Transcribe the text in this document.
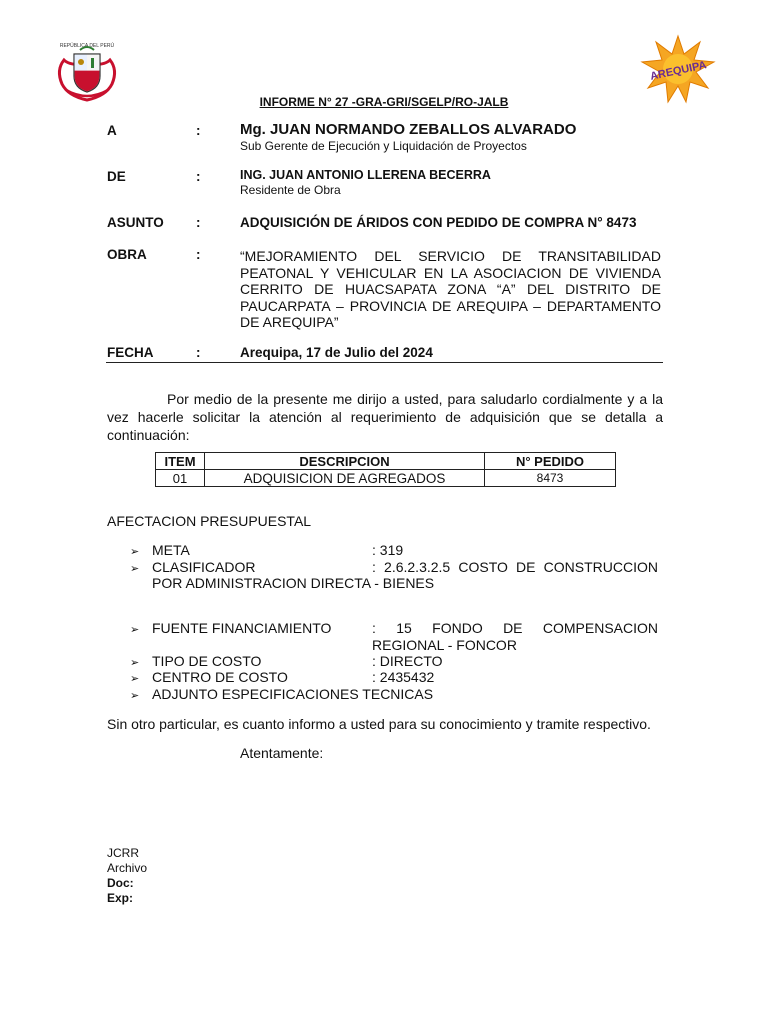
REPÚBLICA DEL PERÚ
AREQUIPA
INFORME N° 27 -GRA-GRI/SGELP/RO-JALB
A	:	Mg. JUAN NORMANDO ZEBALLOS ALVARADO
Sub Gerente de Ejecución y Liquidación de Proyectos
DE	:	ING. JUAN ANTONIO LLERENA BECERRA
Residente de Obra
ASUNTO :	ADQUISICIÓN DE ÁRIDOS CON PEDIDO DE COMPRA N° 8473
OBRA	:	“MEJORAMIENTO DEL SERVICIO DE TRANSITABILIDAD PEATONAL Y VEHICULAR EN LA ASOCIACION DE VIVIENDA CERRITO DE HUACSAPATA ZONA “A” DEL DISTRITO DE PAUCARPATA – PROVINCIA DE AREQUIPA – DEPARTAMENTO DE AREQUIPA”
FECHA	:	Arequipa, 17 de Julio del 2024
Por medio de la presente me dirijo a usted, para saludarlo cordialmente y a la vez hacerle solicitar la atención al requerimiento de adquisición que se detalla a continuación:
ITEM	DESCRIPCION	N° PEDIDO
01	ADQUISICION DE AGREGADOS	8473
AFECTACION PRESUPUESTAL
➢ META	: 319
➢ CLASIFICADOR	: 2.6.2.3.2.5 COSTO DE CONSTRUCCION
POR ADMINISTRACION DIRECTA - BIENES
➢ FUENTE FINANCIAMIENTO	: 15 FONDO DE COMPENSACION
REGIONAL - FONCOR
➢ TIPO DE COSTO	: DIRECTO
➢ CENTRO DE COSTO	: 2435432
➢ ADJUNTO ESPECIFICACIONES TECNICAS
Sin otro particular, es cuanto informo a usted para su conocimiento y tramite respectivo.
Atentamente:
JCRR
Archivo
Doc:
Exp:
